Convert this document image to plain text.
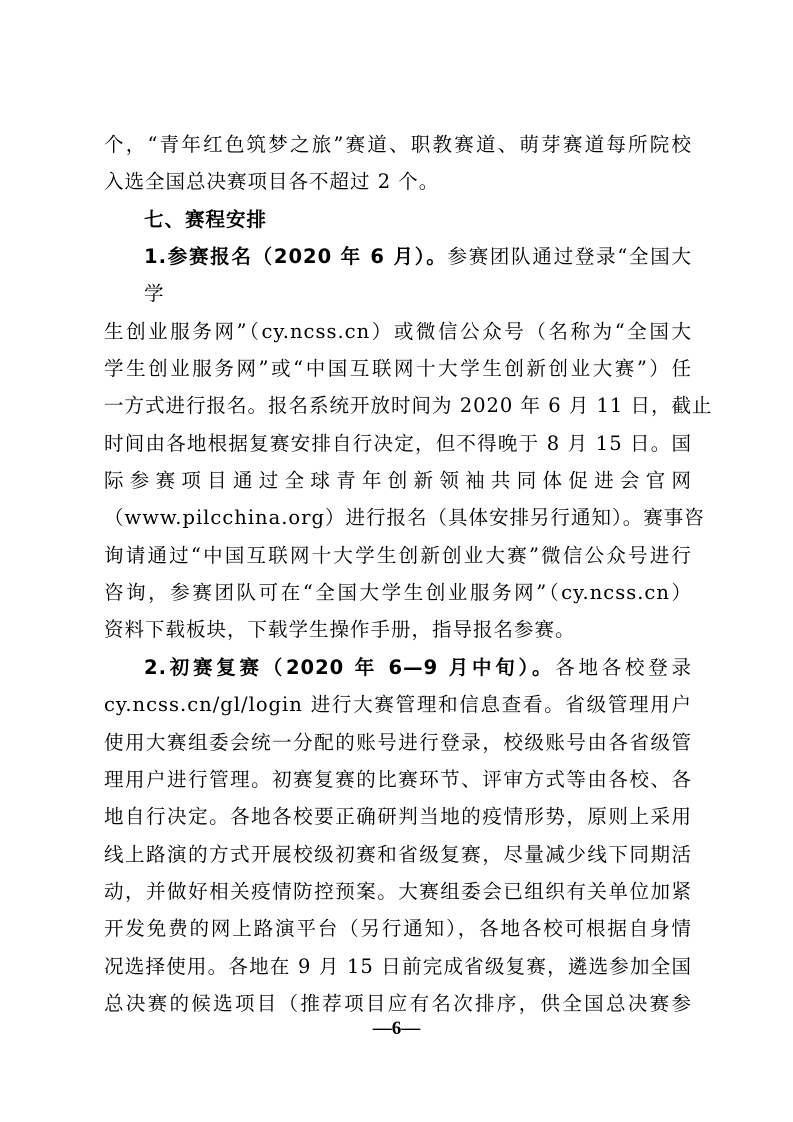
个，“青年红色筑梦之旅”赛道、职教赛道、萌芽赛道每所院校

入选全国总决赛项目各不超过 2 个。

七、赛程安排

1.参赛报名（2020 年 6 月）。参赛团队通过登录“全国大学

生创业服务网”（cy.ncss.cn）或微信公众号（名称为“全国大

学生创业服务网”或“中国互联网十大学生创新创业大赛”）任

一方式进行报名。报名系统开放时间为 2020 年 6 月 11 日，截止

时间由各地根据复赛安排自行决定，但不得晚于 8 月 15 日。国

际参赛项目通过全球青年创新领袖共同体促进会官网

（www.pilcchina.org）进行报名（具体安排另行通知）。赛事咨

询请通过“中国互联网十大学生创新创业大赛”微信公众号进行

咨询，参赛团队可在“全国大学生创业服务网”（cy.ncss.cn）

资料下载板块，下载学生操作手册，指导报名参赛。

2.初赛复赛（2020 年 6—9 月中旬）。各地各校登录

cy.ncss.cn/gl/login 进行大赛管理和信息查看。省级管理用户

使用大赛组委会统一分配的账号进行登录，校级账号由各省级管

理用户进行管理。初赛复赛的比赛环节、评审方式等由各校、各

地自行决定。各地各校要正确研判当地的疫情形势，原则上采用

线上路演的方式开展校级初赛和省级复赛，尽量减少线下同期活

动，并做好相关疫情防控预案。大赛组委会已组织有关单位加紧

开发免费的网上路演平台（另行通知），各地各校可根据自身情

况选择使用。各地在 9 月 15 日前完成省级复赛，遴选参加全国

总决赛的候选项目（推荐项目应有名次排序，供全国总决赛参

—6—
